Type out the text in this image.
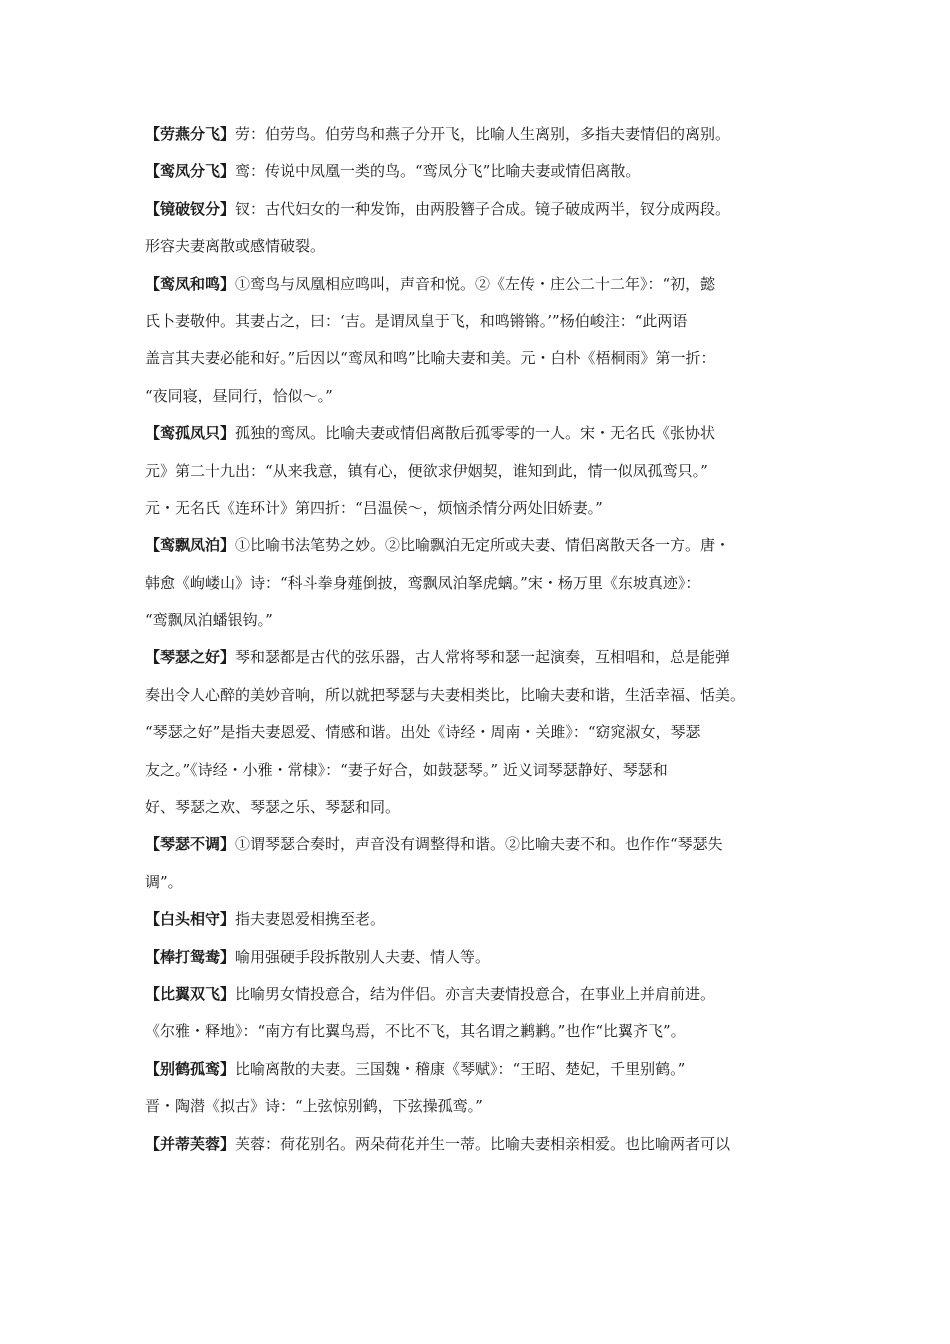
【劳燕分飞】劳：伯劳鸟。伯劳鸟和燕子分开飞，比喻人生离别，多指夫妻情侣的离别。
【鸾凤分飞】鸾：传说中凤凰一类的鸟。“鸾凤分飞”比喻夫妻或情侣离散。
【镜破钗分】钗：古代妇女的一种发饰，由两股簪子合成。镜子破成两半，钗分成两段。
形容夫妻离散或感情破裂。
【鸾凤和鸣】①鸾鸟与凤凰相应鸣叫，声音和悦。②《左传・庄公二十二年》：“初，懿
氏卜妻敬仲。其妻占之，曰：‘吉。是谓凤皇于飞，和鸣锵锵。’”杨伯峻注：“此两语
盖言其夫妻必能和好。”后因以“鸾凤和鸣”比喻夫妻和美。元・白朴《梧桐雨》第一折：
“夜同寝，昼同行，恰似～。”
【鸾孤凤只】孤独的鸾凤。比喻夫妻或情侣离散后孤零零的一人。宋・无名氏《张协状
元》第二十九出：“从来我意，镇有心，便欲求伊姻契，谁知到此，情一似凤孤鸾只。”
元・无名氏《连环计》第四折：“吕温侯～，烦恼杀情分两处旧娇妻。”
【鸾飘凤泊】①比喻书法笔势之妙。②比喻飘泊无定所或夫妻、情侣离散天各一方。唐・
韩愈《岣嵝山》诗：“科斗拳身薤倒披，鸾飘凤泊拏虎螭。”宋・杨万里《东坡真迹》：
“鸾飘凤泊蟠银钩。”
【琴瑟之好】琴和瑟都是古代的弦乐器，古人常将琴和瑟一起演奏，互相唱和，总是能弹
奏出令人心醉的美妙音响，所以就把琴瑟与夫妻相类比，比喻夫妻和谐，生活幸福、恬美。
“琴瑟之好”是指夫妻恩爱、情感和谐。出处《诗经・周南・关雎》：“窈窕淑女，琴瑟
友之。”《诗经・小雅・常棣》：“妻子好合，如鼓瑟琴。” 近义词琴瑟静好、琴瑟和
好、琴瑟之欢、琴瑟之乐、琴瑟和同。
【琴瑟不调】①谓琴瑟合奏时，声音没有调整得和谐。②比喻夫妻不和。也作作“琴瑟失
调”。
【白头相守】指夫妻恩爱相携至老。
【棒打鸳鸯】喻用强硬手段拆散别人夫妻、情人等。
【比翼双飞】比喻男女情投意合，结为伴侣。亦言夫妻情投意合，在事业上并肩前进。
《尔雅・释地》：“南方有比翼鸟焉，不比不飞，其名谓之鹣鹣。”也作“比翼齐飞”。
【别鹤孤鸾】比喻离散的夫妻。三国魏・稽康《琴赋》：“王昭、楚妃，千里别鹤。”
晋・陶潜《拟古》诗：“上弦惊别鹤，下弦操孤鸾。”
【并蒂芙蓉】芙蓉：荷花别名。两朵荷花并生一蒂。比喻夫妻相亲相爱。也比喻两者可以
